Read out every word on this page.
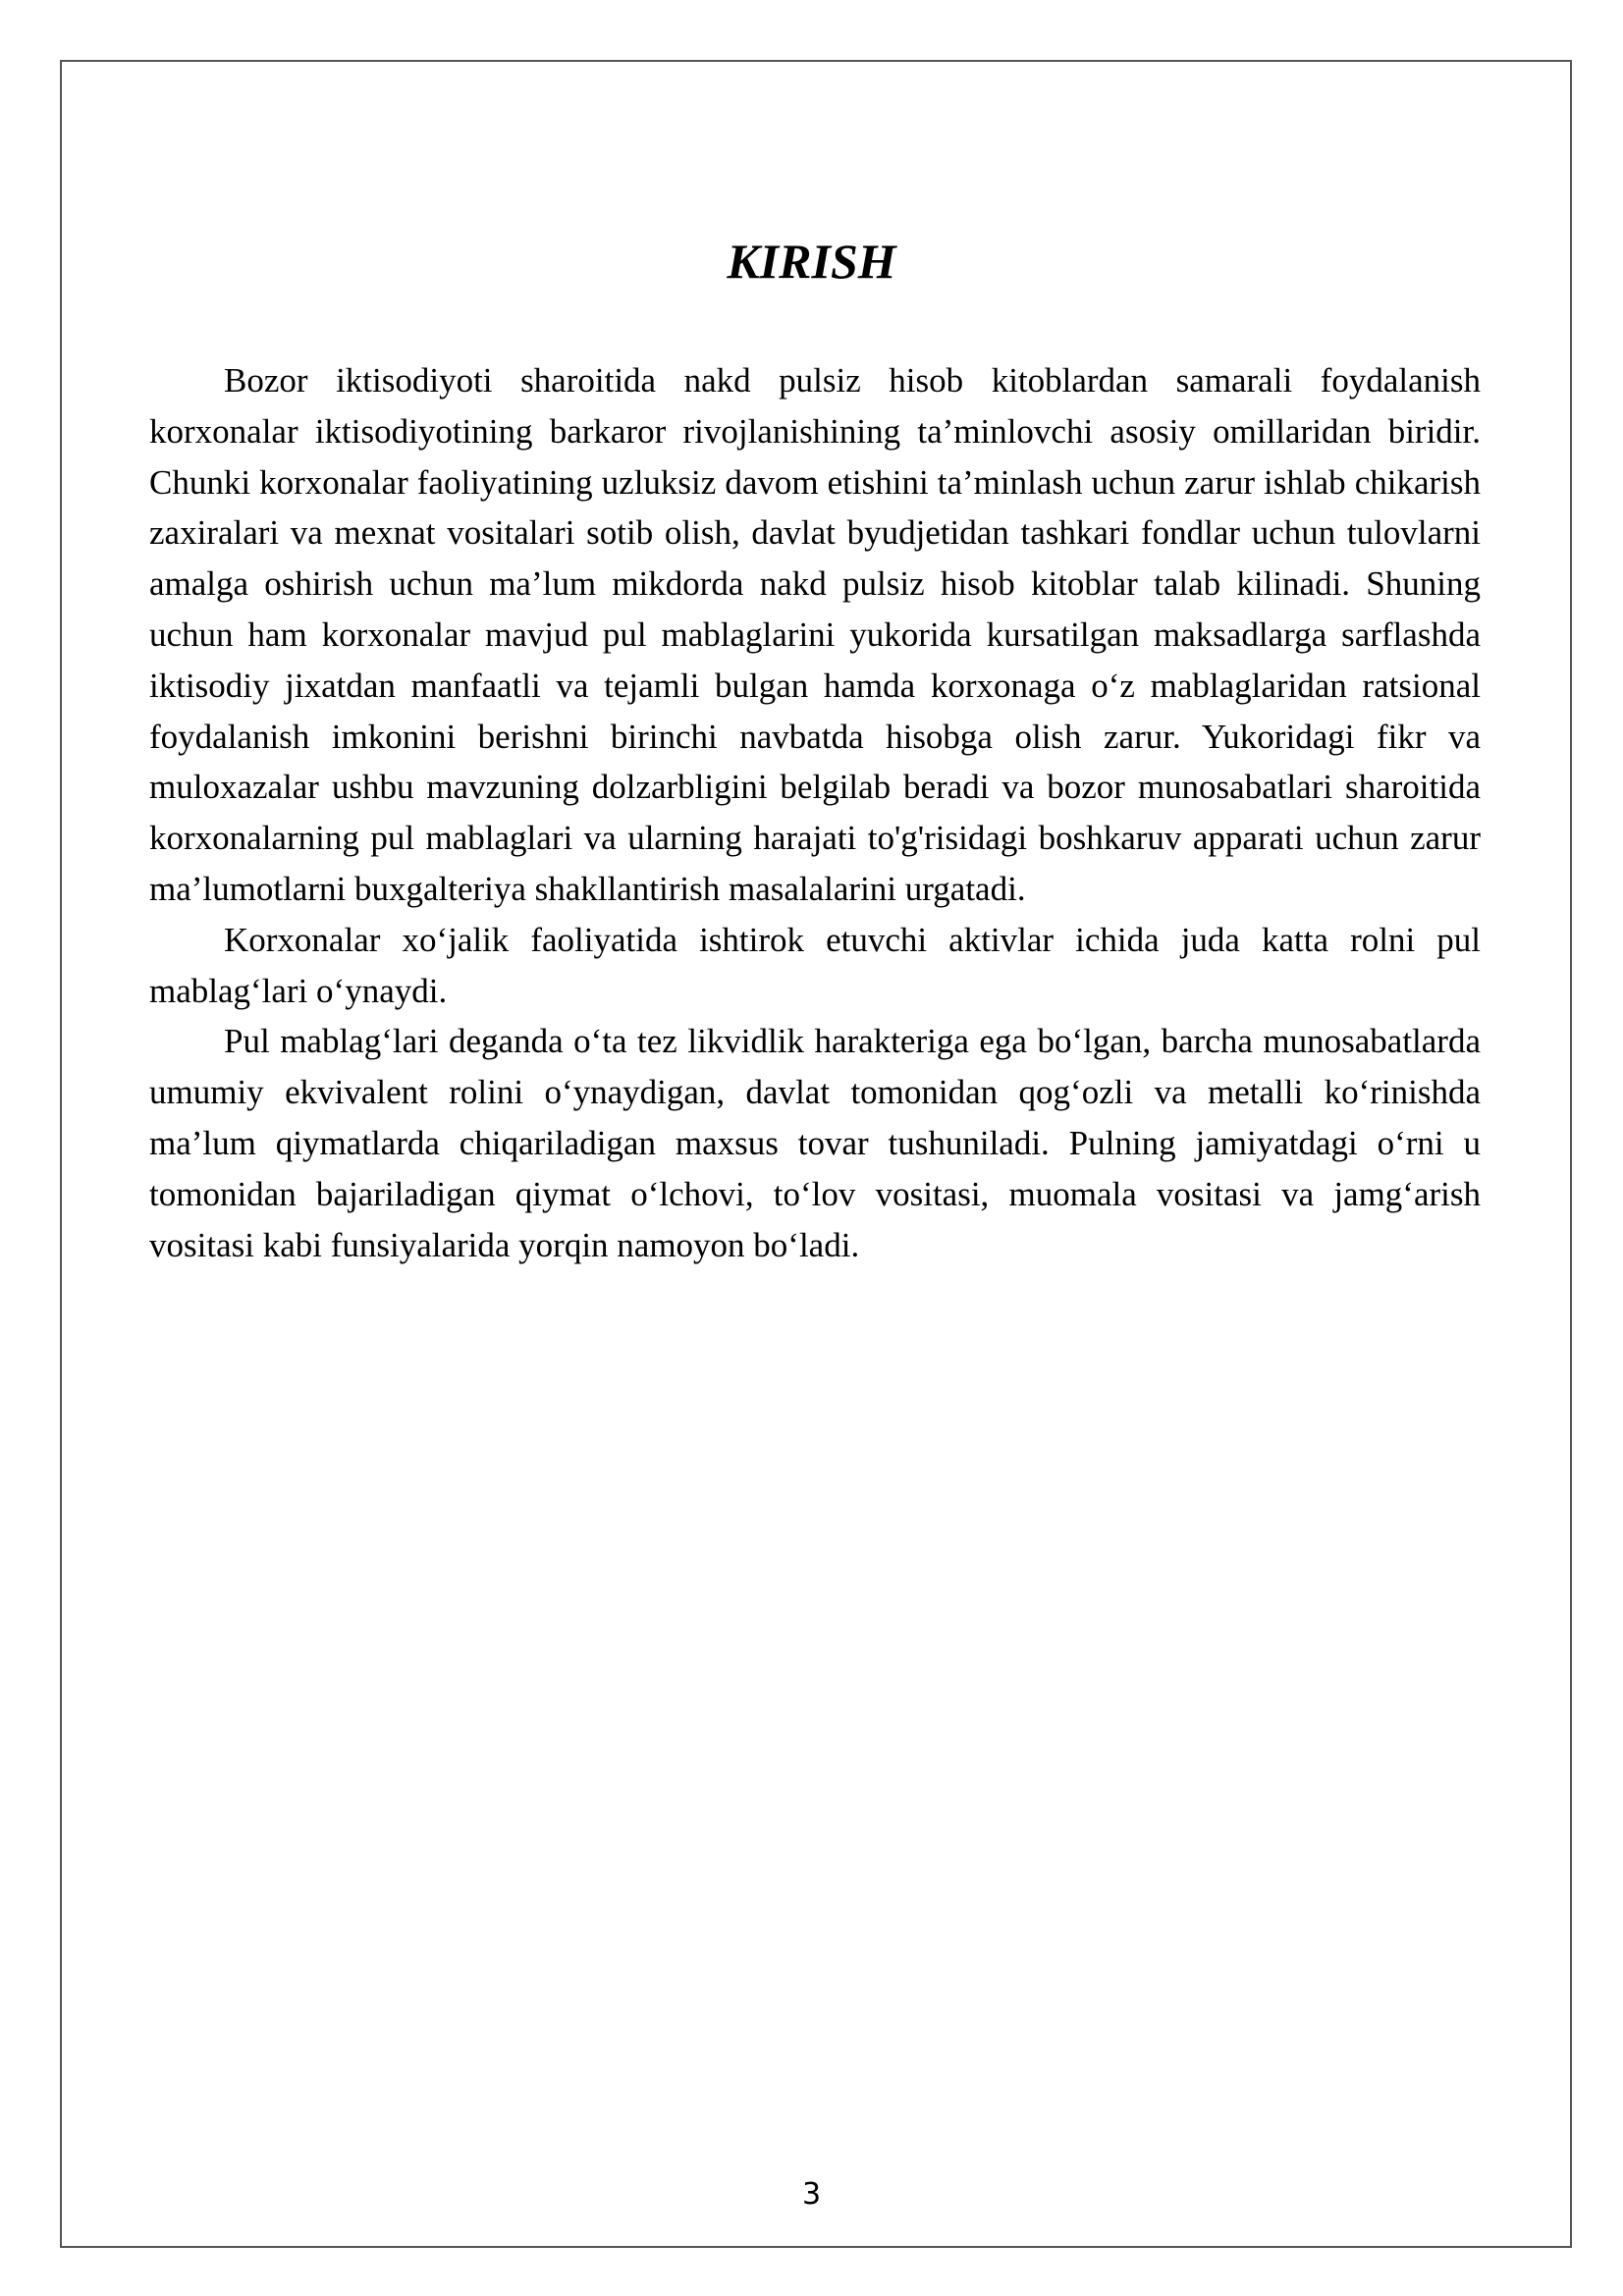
KIRISH

Bozor iktisodiyoti sharoitida nakd pulsiz hisob kitoblardan samarali foydalanish korxonalar iktisodiyotining barkaror rivojlanishining ta’minlovchi asosiy omillaridan biridir. Chunki korxonalar faoliyatining uzluksiz davom etishini ta’minlash uchun zarur ishlab chikarish zaxiralari va mexnat vositalari sotib olish, davlat byudjetidan tashkari fondlar uchun tulovlarni amalga oshirish uchun ma’lum mikdorda nakd pulsiz hisob kitoblar talab kilinadi. Shuning uchun ham korxonalar mavjud pul mablaglarini yukorida kursatilgan maksadlarga sarflashda iktisodiy jixatdan manfaatli va tejamli bulgan hamda korxonaga o‘z mablaglaridan ratsional foydalanish imkonini berishni birinchi navbatda hisobga olish zarur. Yukoridagi fikr va muloxazalar ushbu mavzuning dolzarbligini belgilab beradi va bozor munosabatlari sharoitida korxonalarning pul mablaglari va ularning harajati to'g'risidagi boshkaruv apparati uchun zarur ma’lumotlarni buxgalteriya shakllantirish masalalarini urgatadi.

Korxonalar xo‘jalik faoliyatida ishtirok etuvchi aktivlar ichida juda katta rolni pul mablag‘lari o‘ynaydi.

Pul mablag‘lari deganda o‘ta tez likvidlik harakteriga ega bo‘lgan, barcha munosabatlarda umumiy ekvivalent rolini o‘ynaydigan, davlat tomonidan qog‘ozli va metalli ko‘rinishda ma’lum qiymatlarda chiqariladigan maxsus tovar tushuniladi. Pulning jamiyatdagi o‘rni u tomonidan bajariladigan qiymat o‘lchovi, to‘lov vositasi, muomala vositasi va jamg‘arish vositasi kabi funsiyalarida yorqin namoyon bo‘ladi.

3
